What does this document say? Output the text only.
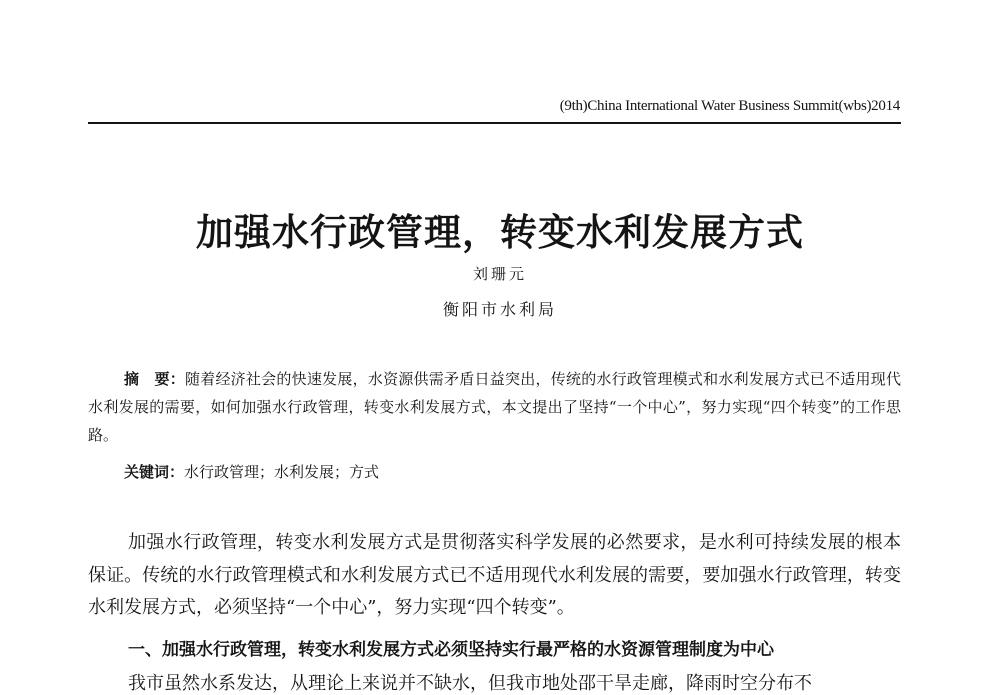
(9th)China International Water Business Summit(wbs)2014
加强水行政管理，转变水利发展方式
刘珊元
衡阳市水利局

摘　要：随着经济社会的快速发展，水资源供需矛盾日益突出，传统的水行政管理模式和水利发展方式已不适用现代水利发展的需要，如何加强水行政管理，转变水利发展方式，本文提出了坚持“一个中心”，努力实现“四个转变”的工作思路。

关键词：水行政管理；水利发展；方式

加强水行政管理，转变水利发展方式是贯彻落实科学发展的必然要求，是水利可持续发展的根本保证。传统的水行政管理模式和水利发展方式已不适用现代水利发展的需要，要加强水行政管理，转变水利发展方式，必须坚持“一个中心”，努力实现“四个转变”。

一、加强水行政管理，转变水利发展方式必须坚持实行最严格的水资源管理制度为中心

我市虽然水系发达，从理论上来说并不缺水，但我市地处邵干旱走廊，降雨时空分布不
